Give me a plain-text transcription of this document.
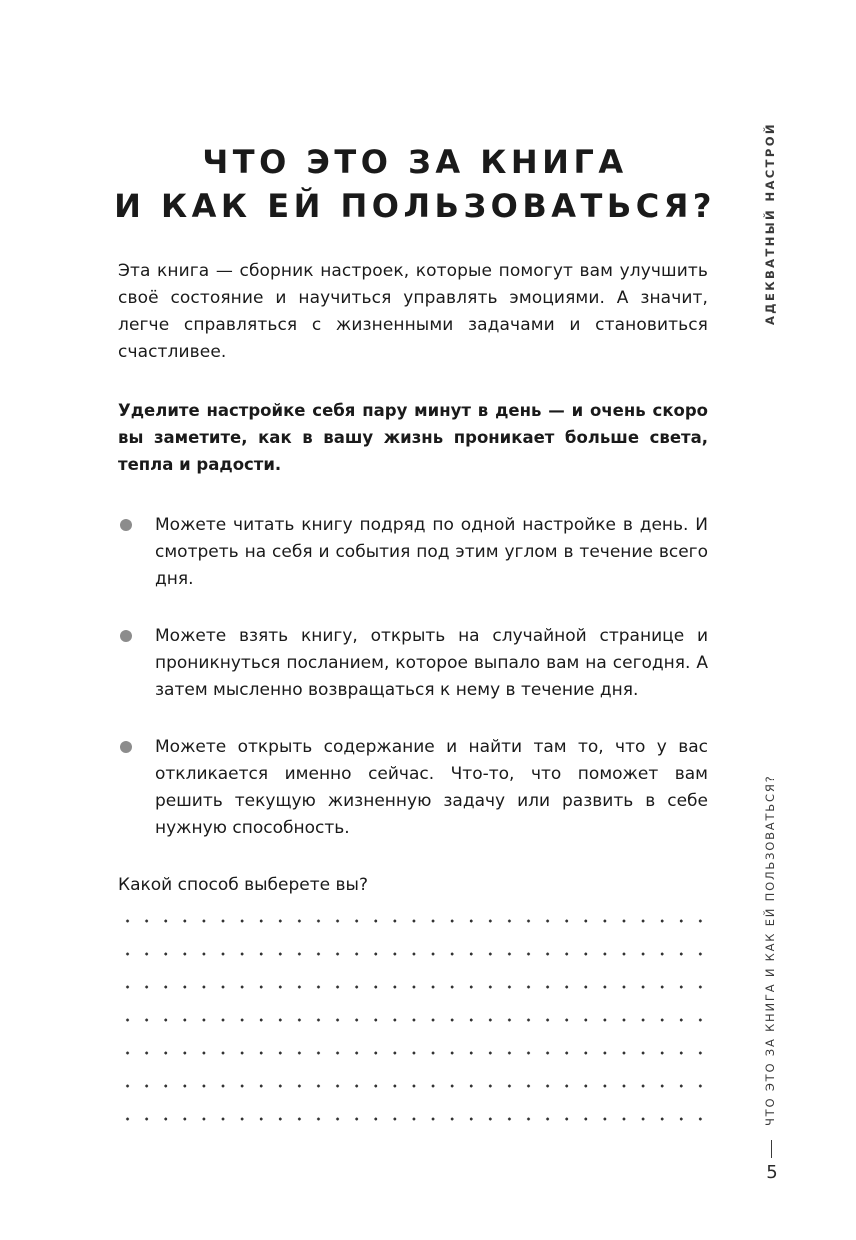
ЧТО ЭТО ЗА КНИГА
И КАК ЕЙ ПОЛЬЗОВАТЬСЯ?

Эта книга — сборник настроек, которые помогут вам улучшить своё состояние и научиться управлять эмоциями. А значит, легче справляться с жизненными задачами и становиться счастливее.

Уделите настройке себя пару минут в день — и очень скоро вы заметите, как в вашу жизнь проникает больше света, тепла и радости.

Можете читать книгу подряд по одной настройке в день. И смотреть на себя и события под этим углом в течение всего дня.
Можете взять книгу, открыть на случайной странице и проникнуться посланием, которое выпало вам на сегодня. А затем мысленно возвращаться к нему в течение дня.
Можете открыть содержание и найти там то, что у вас откликается именно сейчас. Что-то, что поможет вам решить текущую жизненную задачу или развить в себе нужную способность.

Какой способ выберете вы?

АДЕКВАТНЫЙ НАСТРОЙ
ЧТО ЭТО ЗА КНИГА И КАК ЕЙ ПОЛЬЗОВАТЬСЯ?
5
